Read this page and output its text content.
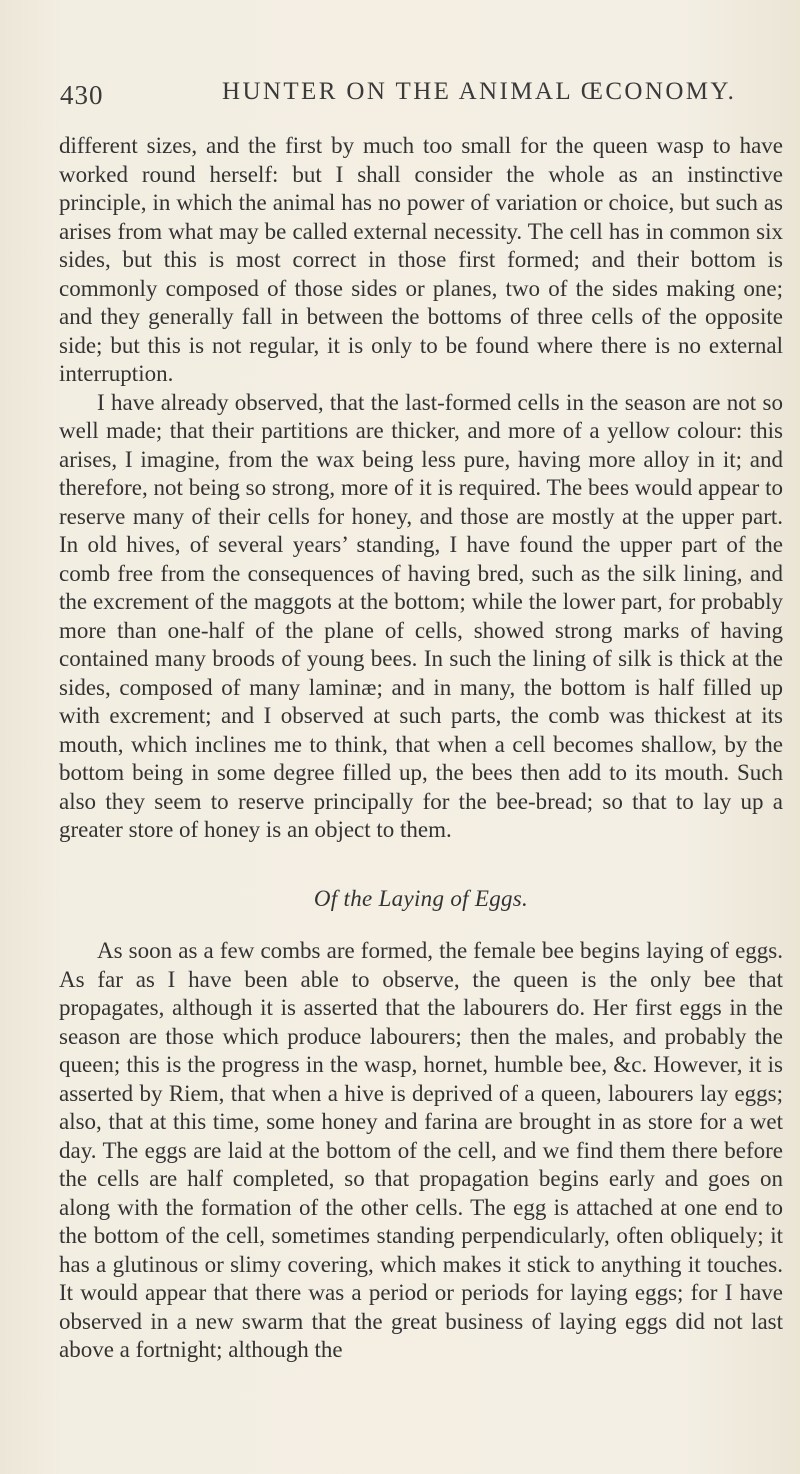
430	HUNTER ON THE ANIMAL ŒCONOMY.

different sizes, and the first by much too small for the queen wasp to have worked round herself: but I shall consider the whole as an instinctive principle, in which the animal has no power of variation or choice, but such as arises from what may be called external necessity. The cell has in common six sides, but this is most correct in those first formed; and their bottom is commonly composed of those sides or planes, two of the sides making one; and they generally fall in between the bottoms of three cells of the opposite side; but this is not regular, it is only to be found where there is no external interruption.

I have already observed, that the last-formed cells in the season are not so well made; that their partitions are thicker, and more of a yellow colour: this arises, I imagine, from the wax being less pure, having more alloy in it; and therefore, not being so strong, more of it is required. The bees would appear to reserve many of their cells for honey, and those are mostly at the upper part. In old hives, of several years’ standing, I have found the upper part of the comb free from the consequences of having bred, such as the silk lining, and the excrement of the maggots at the bottom; while the lower part, for probably more than one-half of the plane of cells, showed strong marks of having contained many broods of young bees. In such the lining of silk is thick at the sides, composed of many laminæ; and in many, the bottom is half filled up with excrement; and I observed at such parts, the comb was thickest at its mouth, which inclines me to think, that when a cell becomes shallow, by the bottom being in some degree filled up, the bees then add to its mouth. Such also they seem to reserve principally for the bee-bread; so that to lay up a greater store of honey is an object to them.

Of the Laying of Eggs.

As soon as a few combs are formed, the female bee begins laying of eggs. As far as I have been able to observe, the queen is the only bee that propagates, although it is asserted that the labourers do. Her first eggs in the season are those which produce labourers; then the males, and probably the queen; this is the progress in the wasp, hornet, humble bee, &c. However, it is asserted by Riem, that when a hive is deprived of a queen, labourers lay eggs; also, that at this time, some honey and farina are brought in as store for a wet day. The eggs are laid at the bottom of the cell, and we find them there before the cells are half completed, so that propagation begins early and goes on along with the formation of the other cells. The egg is attached at one end to the bottom of the cell, sometimes standing perpendicularly, often obliquely; it has a glutinous or slimy covering, which makes it stick to anything it touches. It would appear that there was a period or periods for laying eggs; for I have observed in a new swarm that the great business of laying eggs did not last above a fortnight; although the
